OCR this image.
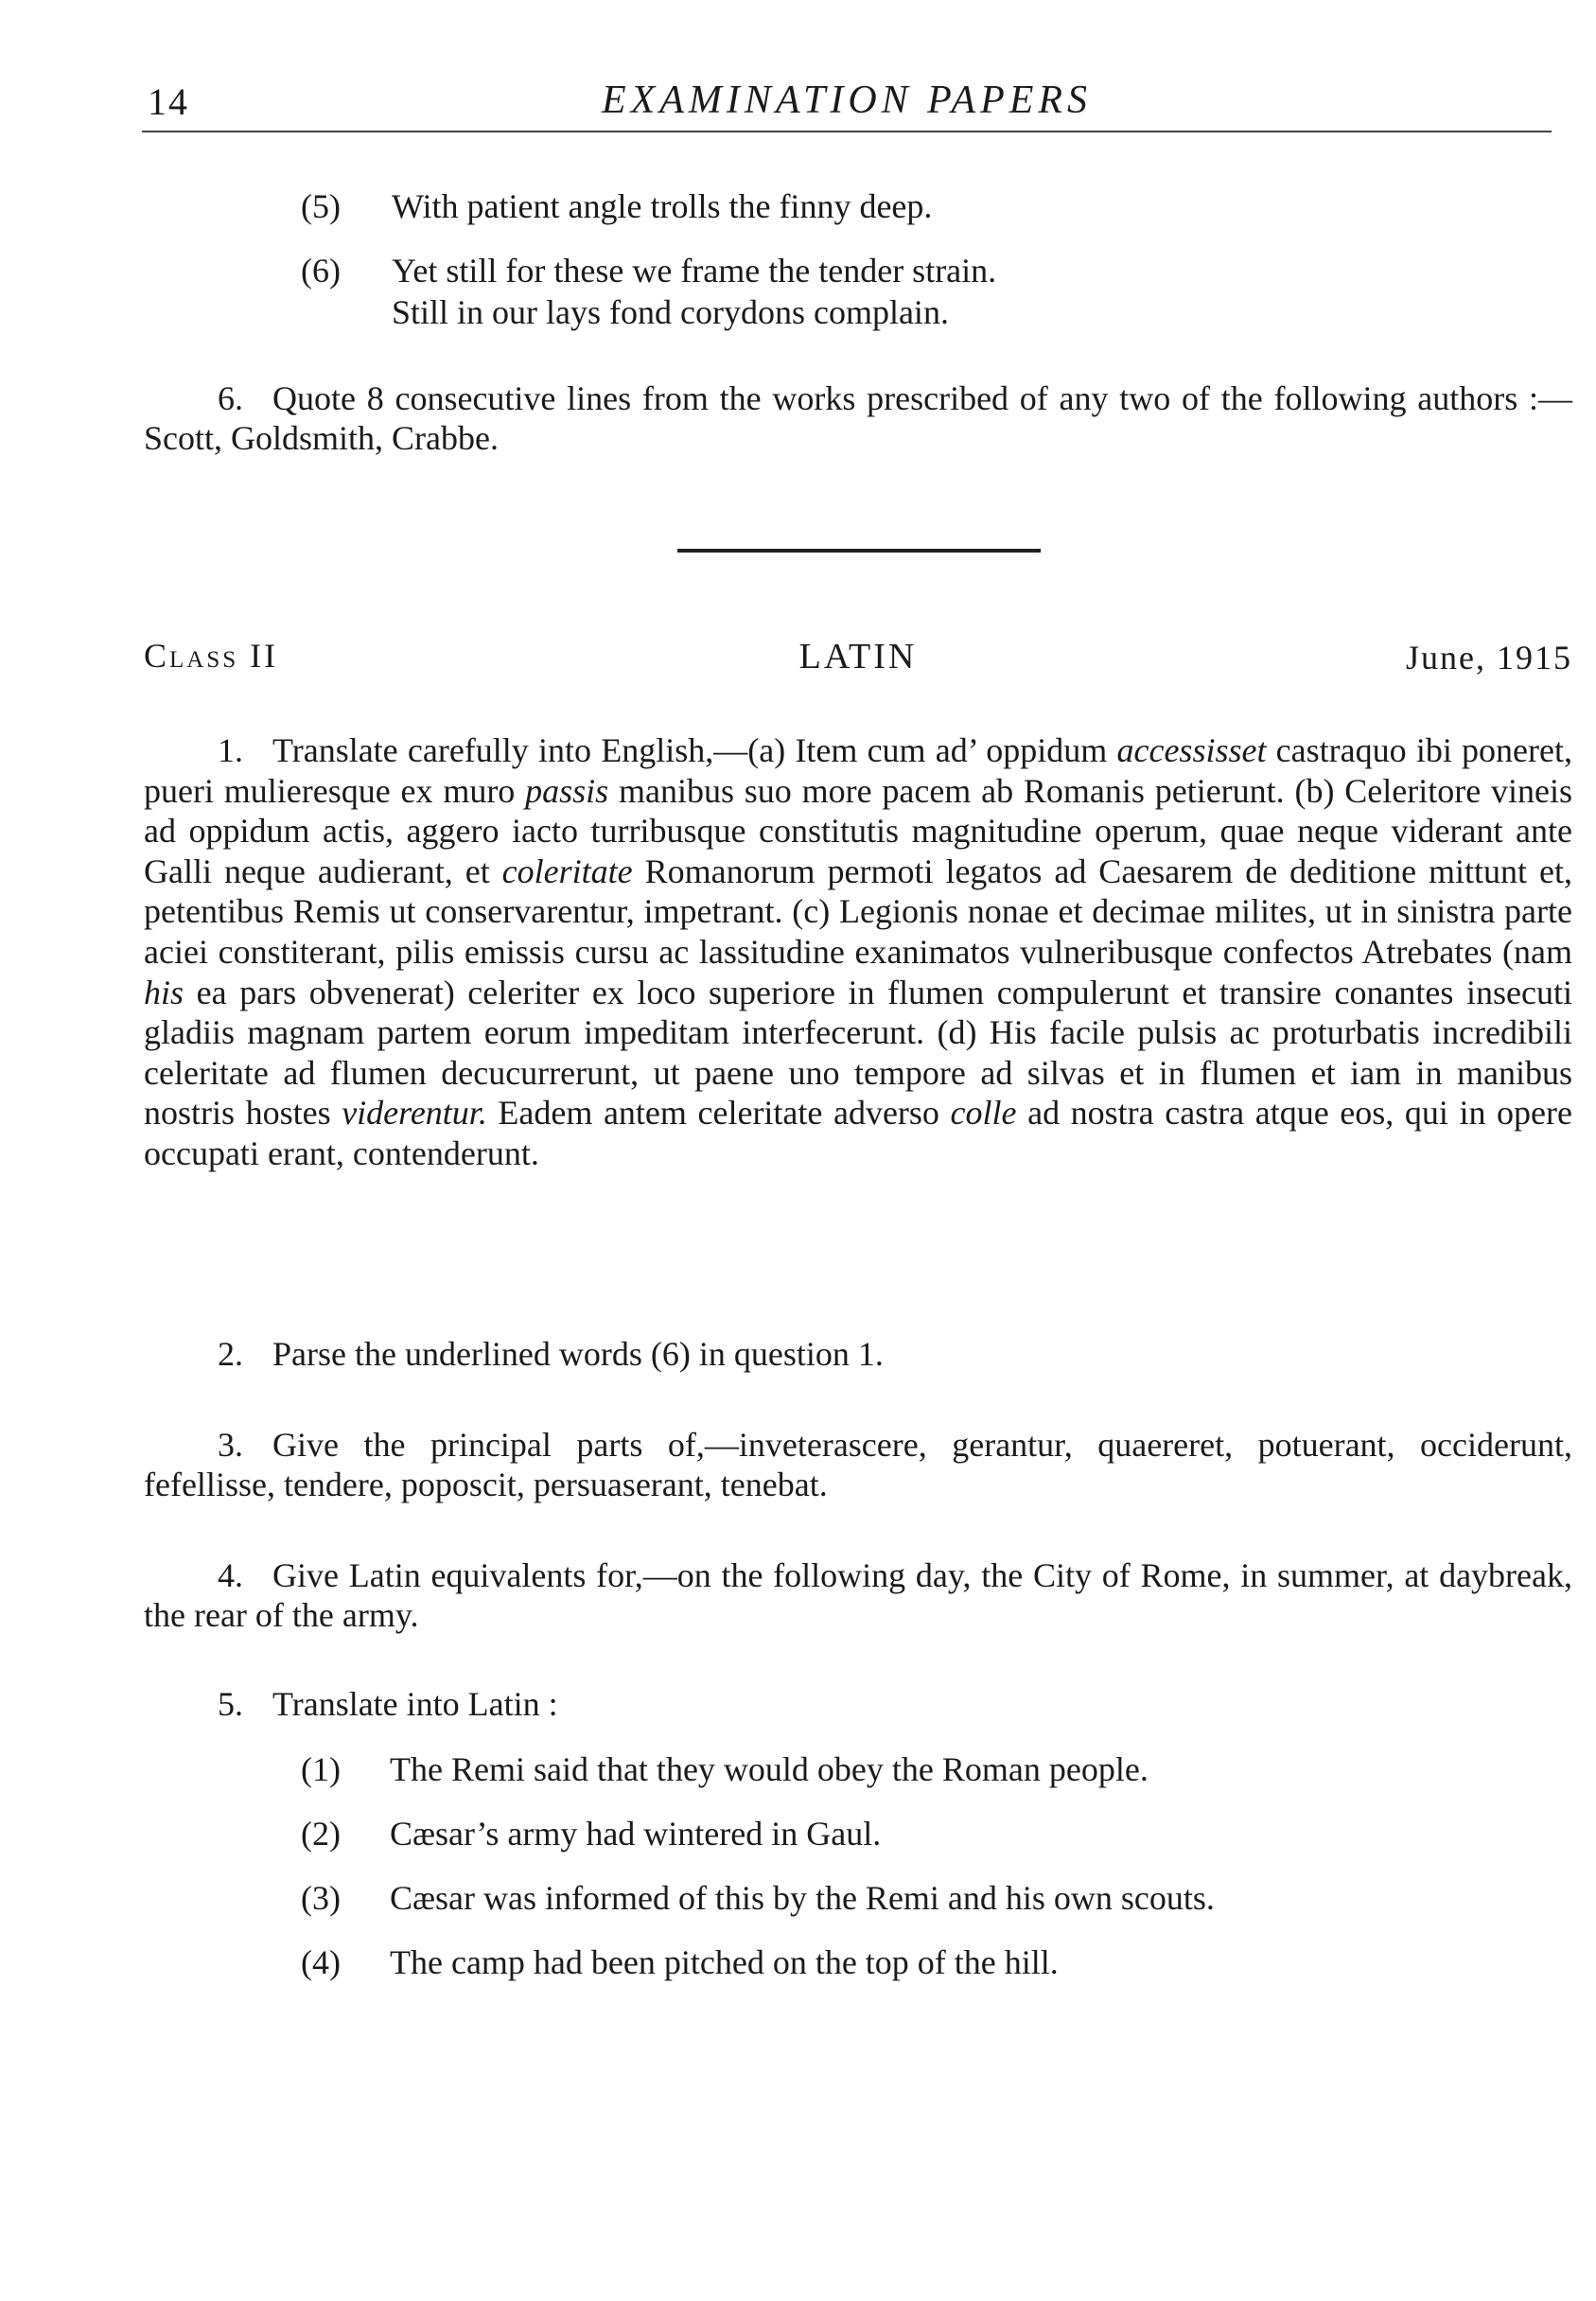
14	EXAMINATION PAPERS
(5) With patient angle trolls the finny deep.
(6) Yet still for these we frame the tender strain.
Still in our lays fond corydons complain.
6. Quote 8 consecutive lines from the works prescribed of any two of the following authors :—Scott, Goldsmith, Crabbe.
Class II	LATIN	June, 1915
1. Translate carefully into English,—(a) Item cum ad’ oppidum accessisset castraquo ibi poneret, pueri mulieresque ex muro passis manibus suo more pacem ab Romanis petierunt. (b) Celeritore vineis ad oppidum actis, aggero iacto turribusque constitutis magnitudine operum, quae neque viderant ante Galli neque audierant, et coleritate Romanorum permoti legatos ad Caesarem de deditione mittunt et, petentibus Remis ut conservarentur, impetrant. (c) Legionis nonae et decimae milites, ut in sinistra parte aciei constiterant, pilis emissis cursu ac lassitudine exanimatos vulneribusque confectos Atrebates (nam his ea pars obvenerat) celeriter ex loco superiore in flumen compulerunt et transire conantes insecuti gladiis magnam partem eorum impeditam interfecerunt. (d) His facile pulsis ac proturbatis incredibili celeritate ad flumen decucurrerunt, ut paene uno tempore ad silvas et in flumen et iam in manibus nostris hostes viderentur. Eadem antem celeritate adverso colle ad nostra castra atque eos, qui in opere occupati erant, contenderunt.
2. Parse the underlined words (6) in question 1.
3. Give the principal parts of,—inveterascere, gerantur, quaereret, potuerant, occiderunt, fefellisse, tendere, poposcit, persuaserant, tenebat.
4. Give Latin equivalents for,—on the following day, the City of Rome, in summer, at daybreak, the rear of the army.
5. Translate into Latin :
(1) The Remi said that they would obey the Roman people.
(2) Cæsar’s army had wintered in Gaul.
(3) Cæsar was informed of this by the Remi and his own scouts.
(4) The camp had been pitched on the top of the hill.
